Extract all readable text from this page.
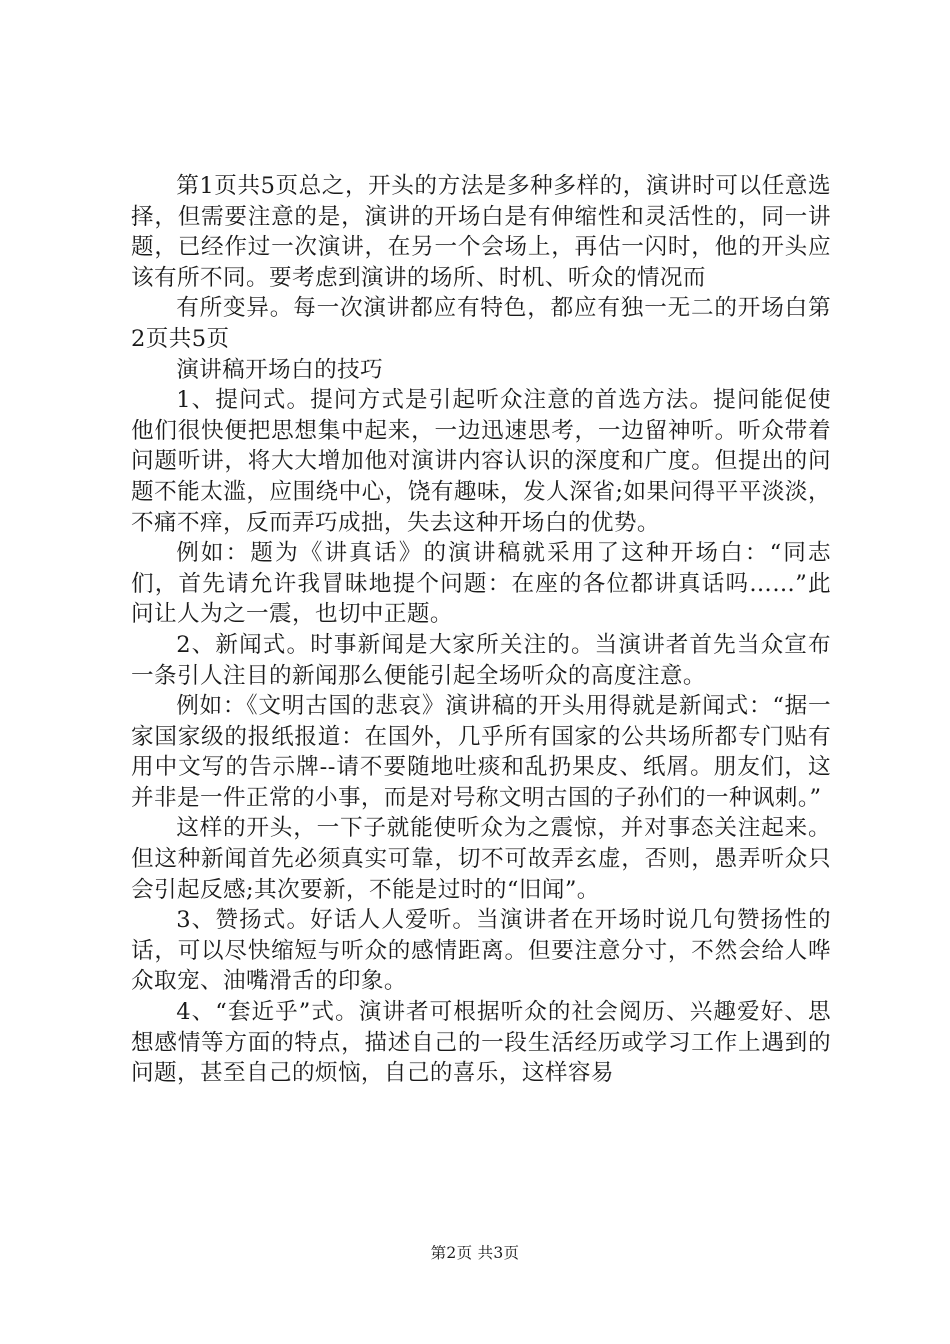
第1页共5页总之，开头的方法是多种多样的，演讲时可以任意选择，但需要注意的是，演讲的开场白是有伸缩性和灵活性的，同一讲题，已经作过一次演讲，在另一个会场上，再估一闪时，他的开头应该有所不同。要考虑到演讲的场所、时机、听众的情况而

有所变异。每一次演讲都应有特色，都应有独一无二的开场白第2页共5页

演讲稿开场白的技巧

1、提问式。提问方式是引起听众注意的首选方法。提问能促使他们很快便把思想集中起来，一边迅速思考，一边留神听。听众带着问题听讲，将大大增加他对演讲内容认识的深度和广度。但提出的问题不能太滥，应围绕中心，饶有趣味，发人深省;如果问得平平淡淡，不痛不痒，反而弄巧成拙，失去这种开场白的优势。

例如：题为《讲真话》的演讲稿就采用了这种开场白：“同志们，首先请允许我冒昧地提个问题：在座的各位都讲真话吗……”此问让人为之一震，也切中正题。

2、新闻式。时事新闻是大家所关注的。当演讲者首先当众宣布一条引人注目的新闻那么便能引起全场听众的高度注意。

例如：《文明古国的悲哀》演讲稿的开头用得就是新闻式：“据一家国家级的报纸报道：在国外，几乎所有国家的公共场所都专门贴有用中文写的告示牌--请不要随地吐痰和乱扔果皮、纸屑。朋友们，这并非是一件正常的小事，而是对号称文明古国的子孙们的一种讽刺。”

这样的开头，一下子就能使听众为之震惊，并对事态关注起来。但这种新闻首先必须真实可靠，切不可故弄玄虚，否则，愚弄听众只会引起反感;其次要新，不能是过时的“旧闻”。

3、赞扬式。好话人人爱听。当演讲者在开场时说几句赞扬性的话，可以尽快缩短与听众的感情距离。但要注意分寸，不然会给人哗众取宠、油嘴滑舌的印象。

4、“套近乎”式。演讲者可根据听众的社会阅历、兴趣爱好、思想感情等方面的特点，描述自己的一段生活经历或学习工作上遇到的问题，甚至自己的烦恼，自己的喜乐，这样容易

第2页 共3页
